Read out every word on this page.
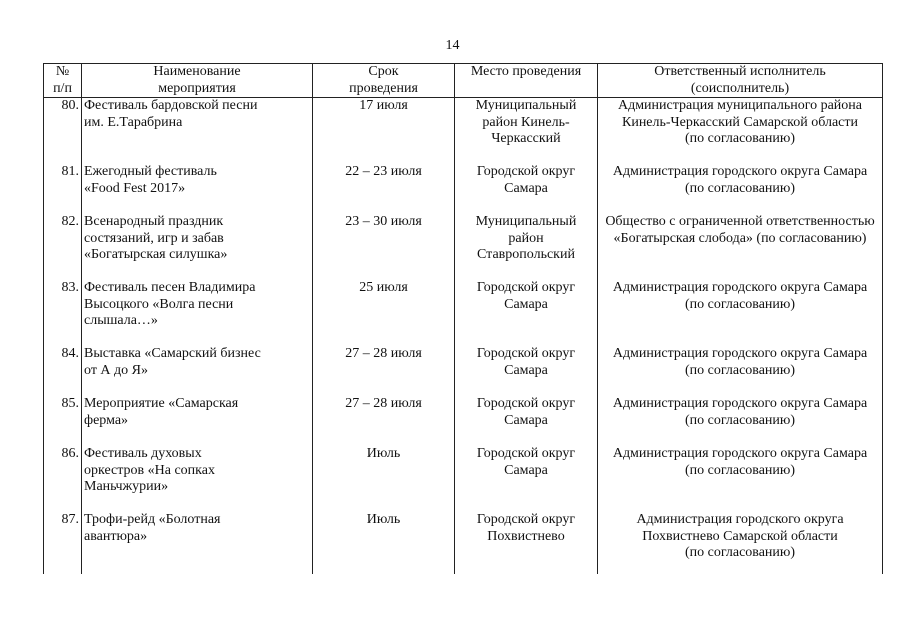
14
№
п/п	Наименование
мероприятия	Срок
проведения	Место проведения	Ответственный исполнитель
(соисполнитель)

80.	Фестиваль бардовской песни
им. Е.Тарабрина	17 июля	Муниципальный
район Кинель-
Черкасский	Администрация муниципального района
Кинель-Черкасский Самарской области
(по согласованию)

81.	Ежегодный фестиваль
«Food Fest 2017»	22 – 23 июля	Городской округ
Самара	Администрация городского округа Самара
(по согласованию)

82.	Всенародный праздник
состязаний, игр и забав
«Богатырская силушка»	23 – 30 июля	Муниципальный
район
Ставропольский	Общество с ограниченной ответственностью
«Богатырская слобода» (по согласованию)

83.	Фестиваль песен Владимира
Высоцкого «Волга песни
слышала…»	25 июля	Городской округ
Самара	Администрация городского округа Самара
(по согласованию)

84.	Выставка «Самарский бизнес
от А до Я»	27 – 28 июля	Городской округ
Самара	Администрация городского округа Самара
(по согласованию)

85.	Мероприятие «Самарская
ферма»	27 – 28 июля	Городской округ
Самара	Администрация городского округа Самара
(по согласованию)

86.	Фестиваль духовых
оркестров «На сопках
Маньчжурии»	Июль	Городской округ
Самара	Администрация городского округа Самара
(по согласованию)

87.	Трофи-рейд «Болотная
авантюра»	Июль	Городской округ
Похвистнево	Администрация городского округа
Похвистнево Самарской области
(по согласованию)
